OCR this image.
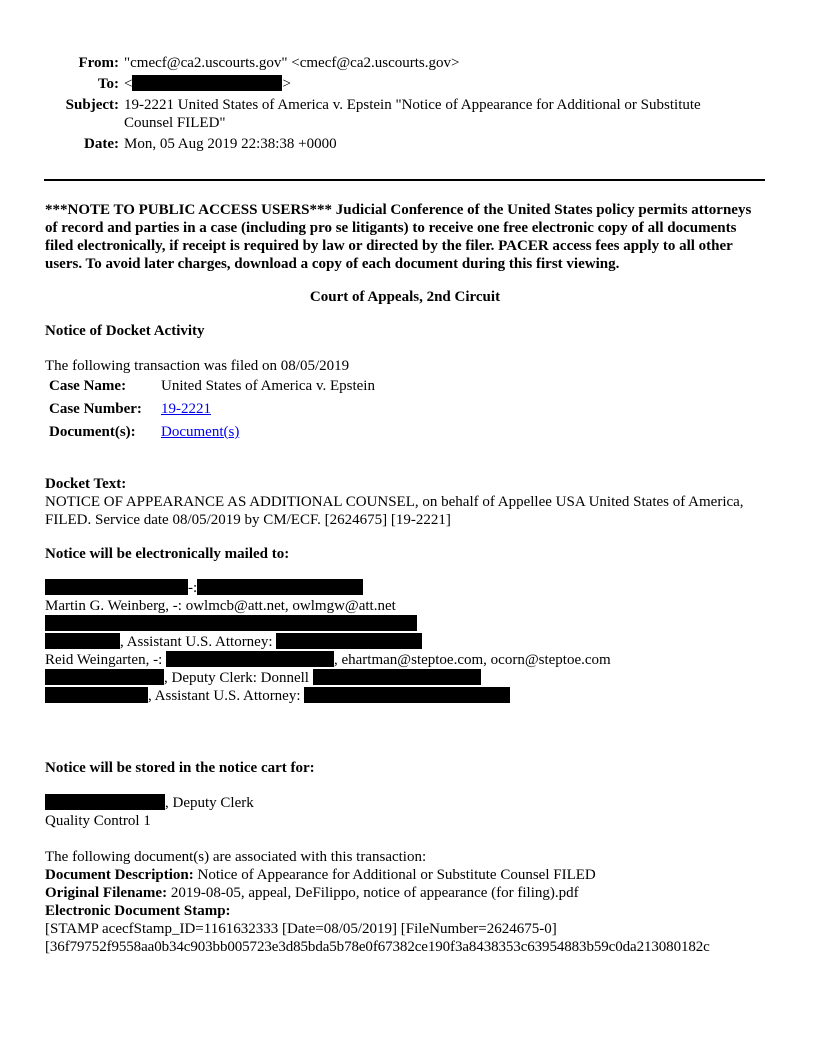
From:	"cmecf@ca2.uscourts.gov" <cmecf@ca2.uscourts.gov>
To:	< >
Subject:	19-2221 United States of America v. Epstein "Notice of Appearance for Additional or Substitute Counsel FILED"
Date:	Mon, 05 Aug 2019 22:38:38 +0000

***NOTE TO PUBLIC ACCESS USERS*** Judicial Conference of the United States policy permits attorneys of record and parties in a case (including pro se litigants) to receive one free electronic copy of all documents filed electronically, if receipt is required by law or directed by the filer. PACER access fees apply to all other users. To avoid later charges, download a copy of each document during this first viewing.

Court of Appeals, 2nd Circuit

Notice of Docket Activity

The following transaction was filed on 08/05/2019

Case Name:	United States of America v. Epstein
Case Number:	19-2221
Document(s):	Document(s)

Docket Text:

NOTICE OF APPEARANCE AS ADDITIONAL COUNSEL, on behalf of Appellee USA United States of America, FILED. Service date 08/05/2019 by CM/ECF. [2624675] [19-2221]

Notice will be electronically mailed to:

-:
Martin G. Weinberg, -: owlmcb@att.net, owlmgw@att.net
, Assistant U.S. Attorney:
Reid Weingarten, -:	, ehartman@steptoe.com, ocorn@steptoe.com
, Deputy Clerk: Donnell
, Assistant U.S. Attorney:

Notice will be stored in the notice cart for:

, Deputy Clerk
Quality Control 1

The following document(s) are associated with this transaction:

Document Description: Notice of Appearance for Additional or Substitute Counsel FILED

Original Filename: 2019-08-05, appeal, DeFilippo, notice of appearance (for filing).pdf

Electronic Document Stamp:

[STAMP acecfStamp_ID=1161632333 [Date=08/05/2019] [FileNumber=2624675-0]

[36f79752f9558aa0b34c903bb005723e3d85bda5b78e0f67382ce190f3a8438353c63954883b59c0da213080182c
